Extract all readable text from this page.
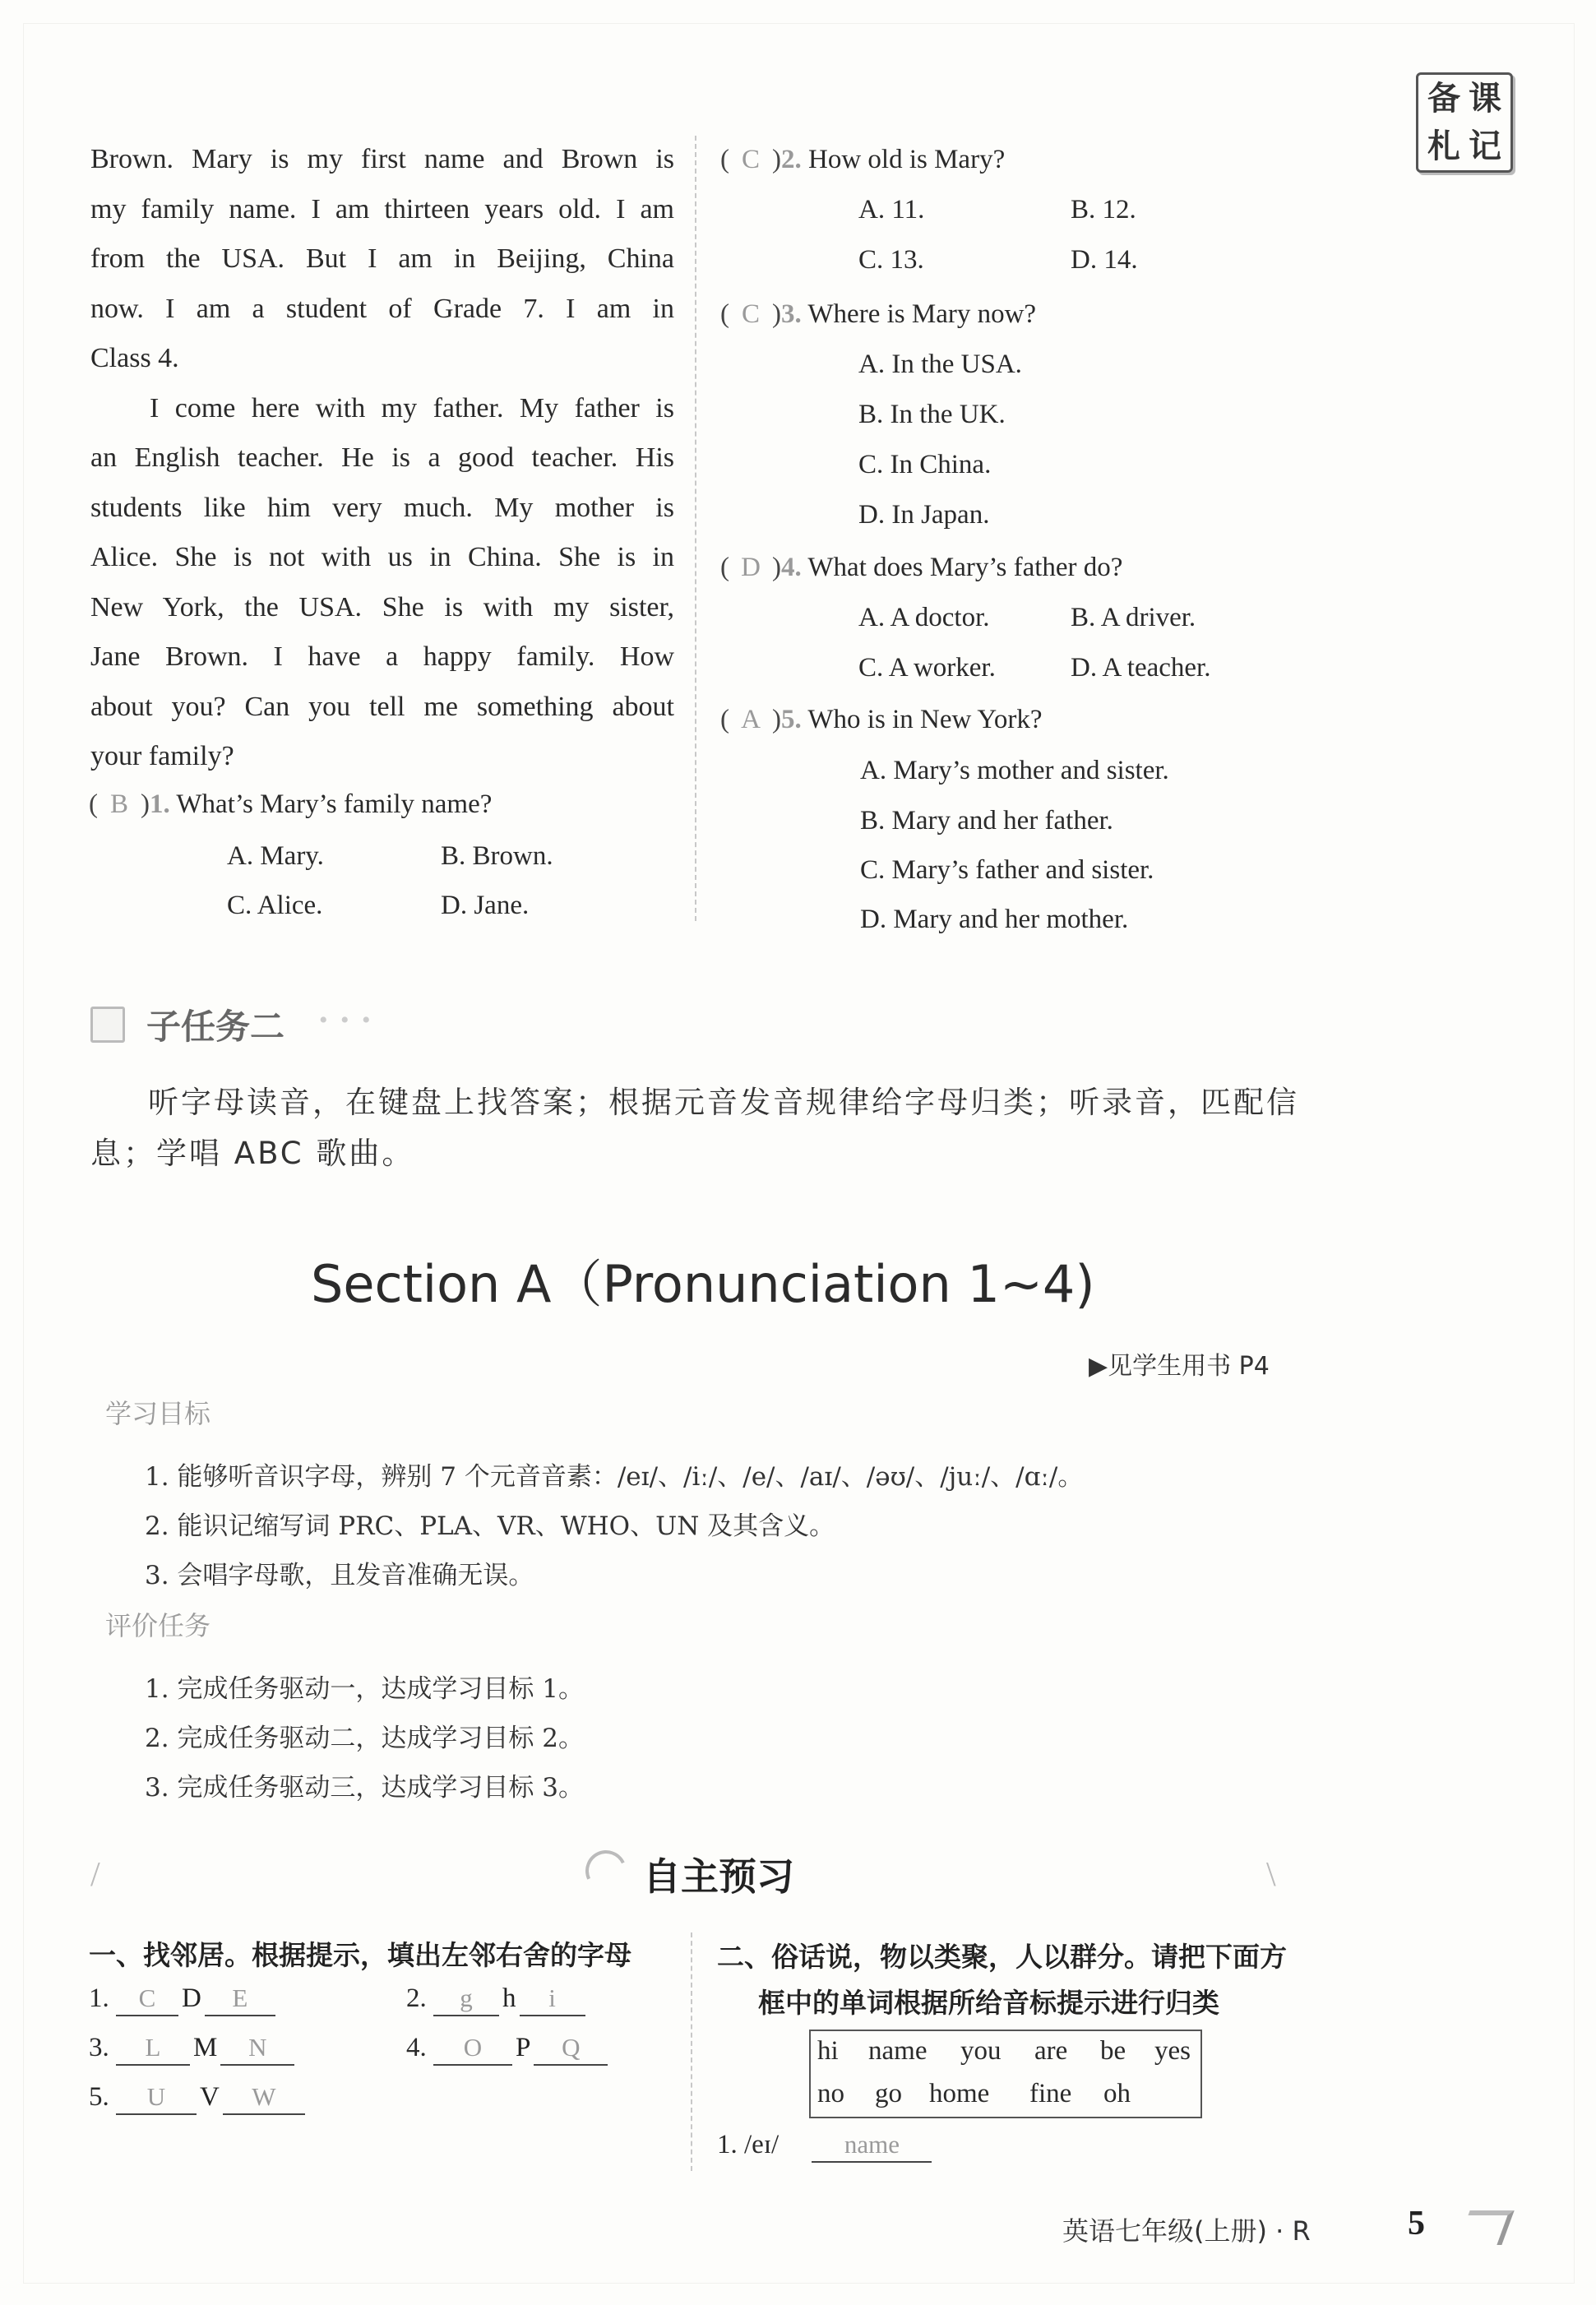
备 课
札 记
Brown. Mary is my first name and Brown is
my family name. I am thirteen years old. I am
from the USA. But I am in Beijing, China
now. I am a student of Grade 7. I am in
Class 4.
I come here with my father. My father is
an English teacher. He is a good teacher. His
students like him very much. My mother is
Alice. She is not with us in China. She is in
New York, the USA. She is with my sister,
Jane Brown. I have a happy family. How
about you? Can you tell me something about
your family?
( B )1. What’s Mary’s family name?
A. Mary.	B. Brown.
C. Alice.	D. Jane.
( C )2. How old is Mary?
A. 11.	B. 12.
C. 13.	D. 14.
( C )3. Where is Mary now?
A. In the USA.
B. In the UK.
C. In China.
D. In Japan.
( D )4. What does Mary’s father do?
A. A doctor.	B. A driver.
C. A worker.	D. A teacher.
( A )5. Who is in New York?
A. Mary’s mother and sister.
B. Mary and her father.
C. Mary’s father and sister.
D. Mary and her mother.
子任务二 • • •
听字母读音，在键盘上找答案；根据元音发音规律给字母归类；听录音，匹配信
息；学唱 ABC 歌曲。
Section A（Pronunciation 1~4)
▶见学生用书 P4
学习目标
1. 能够听音识字母，辨别 7 个元音音素：/eɪ/、/iː/、/e/、/aɪ/、/əʊ/、/juː/、/ɑː/。
2. 能识记缩写词 PRC、PLA、VR、WHO、UN 及其含义。
3. 会唱字母歌，且发音准确无误。
评价任务
1. 完成任务驱动一，达成学习目标 1。
2. 完成任务驱动二，达成学习目标 2。
3. 完成任务驱动三，达成学习目标 3。
/	自主预习	\
一、找邻居。根据提示，填出左邻右舍的字母
1. C D E	2. g h i
3. L M N	4. O P Q
5. U V W
二、俗话说，物以类聚，人以群分。请把下面方
框中的单词根据所给音标提示进行归类
hi name you are be yes
no go home fine oh
1. /eɪ/	name
英语七年级(上册) · R	5
